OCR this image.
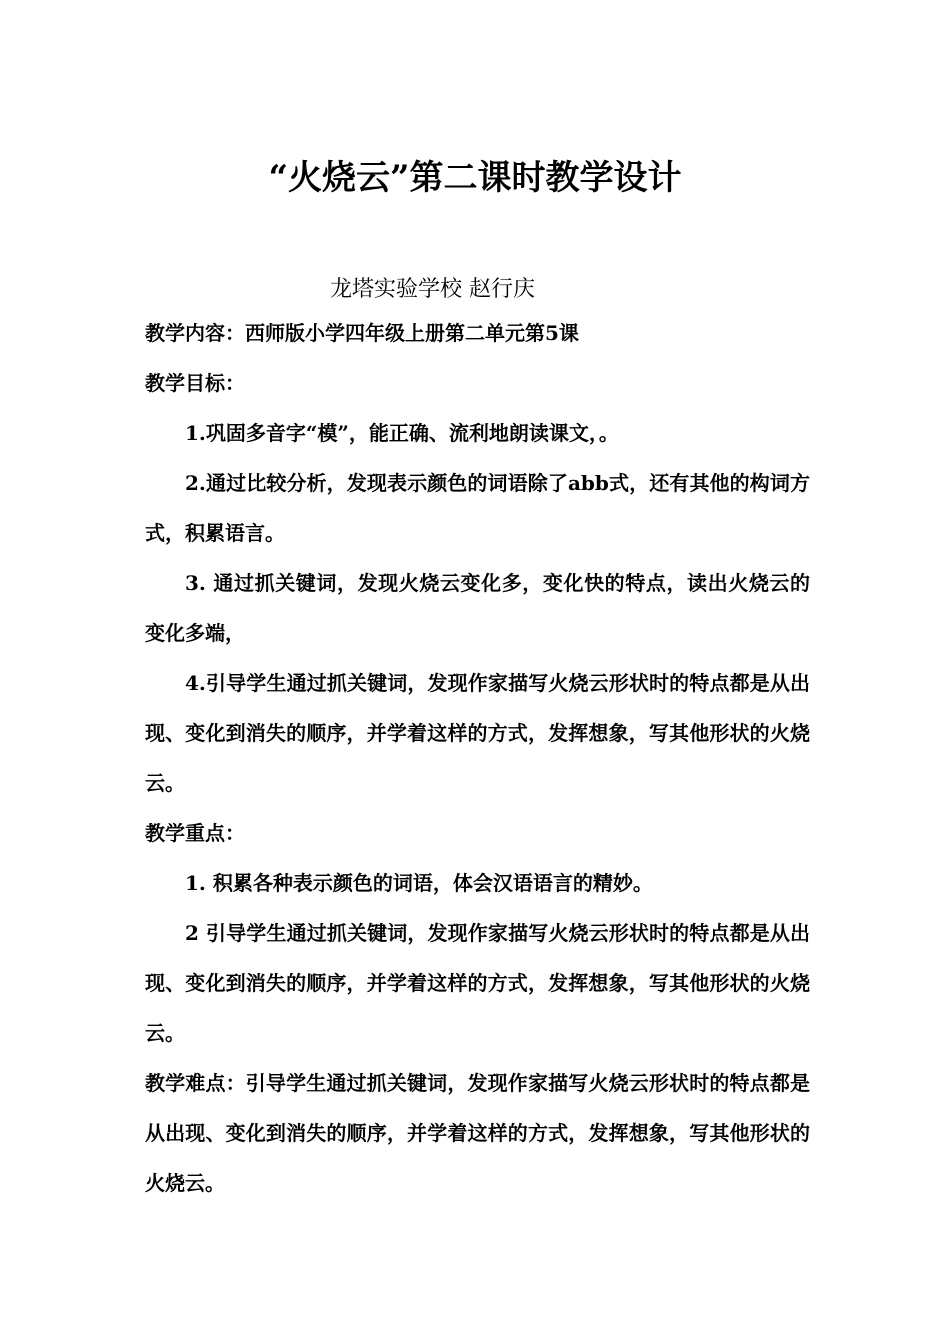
“火烧云”第二课时教学设计
龙塔实验学校 赵行庆

教学内容：西师版小学四年级上册第二单元第5课

教学目标：

1.巩固多音字“模”，能正确、流利地朗读课文，。

2.通过比较分析，发现表示颜色的词语除了abb式，还有其他的构词方式，积累语言。

3. 通过抓关键词，发现火烧云变化多，变化快的特点，读出火烧云的变化多端，

4.引导学生通过抓关键词，发现作家描写火烧云形状时的特点都是从出现、变化到消失的顺序，并学着这样的方式，发挥想象，写其他形状的火烧云。

教学重点：

1. 积累各种表示颜色的词语，体会汉语语言的精妙。

2 引导学生通过抓关键词，发现作家描写火烧云形状时的特点都是从出现、变化到消失的顺序，并学着这样的方式，发挥想象，写其他形状的火烧云。

教学难点：引导学生通过抓关键词，发现作家描写火烧云形状时的特点都是从出现、变化到消失的顺序，并学着这样的方式，发挥想象，写其他形状的火烧云。
